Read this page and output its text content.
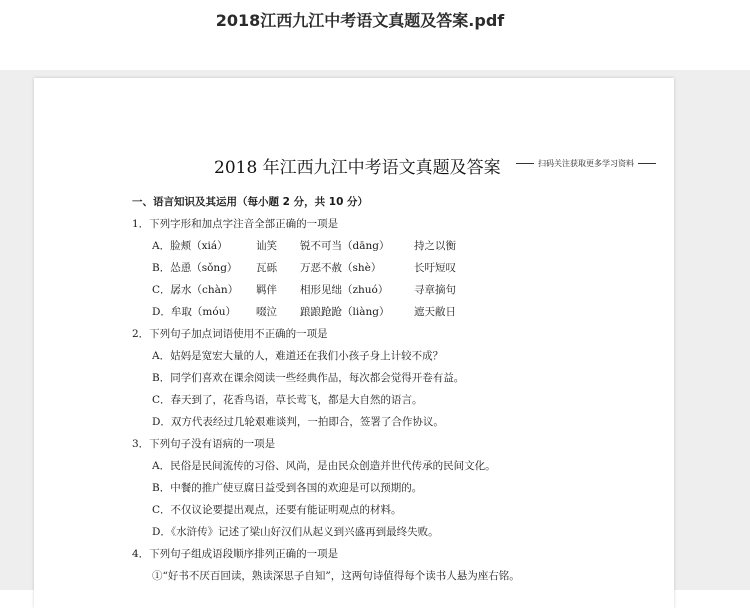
2018江西九江中考语文真题及答案.pdf
2018 年江西九江中考语文真题及答案	扫码关注获取更多学习资料
一、语言知识及其运用（每小题 2 分，共 10 分）
1．下列字形和加点字注音全部正确的一项是
A．脸颊（xiá）	讪笑 锐不可当（dāng） 持之以衡
B．怂恿（sǒng） 瓦砾 万恶不赦（shè）	长吁短叹
C．孱水（chàn） 羁伴 相形见绌（zhuó） 寻章摘句
D．牟取（móu） 啜泣 踉踉跄跄（liàng） 遮天敝日
2．下列句子加点词语使用不正确的一项是
A．姑妈是宽宏大量的人，难道还在我们小孩子身上计较不成？
B．同学们喜欢在课余阅读一些经典作品，每次都会觉得开卷有益。
C．春天到了，花香鸟语，草长莺飞，都是大自然的语言。
D．双方代表经过几轮艰难谈判，一拍即合，签署了合作协议。
3．下列句子没有语病的一项是
A．民俗是民间流传的习俗、风尚，是由民众创造并世代传承的民间文化。
B．中餐的推广使豆腐日益受到各国的欢迎是可以预期的。
C．不仅议论要提出观点，还要有能证明观点的材料。
D．《水浒传》记述了梁山好汉们从起义到兴盛再到最终失败。
4．下列句子组成语段顺序排列正确的一项是
①“好书不厌百回读，熟读深思子自知”，这两句诗值得每个读书人悬为座右铭。
